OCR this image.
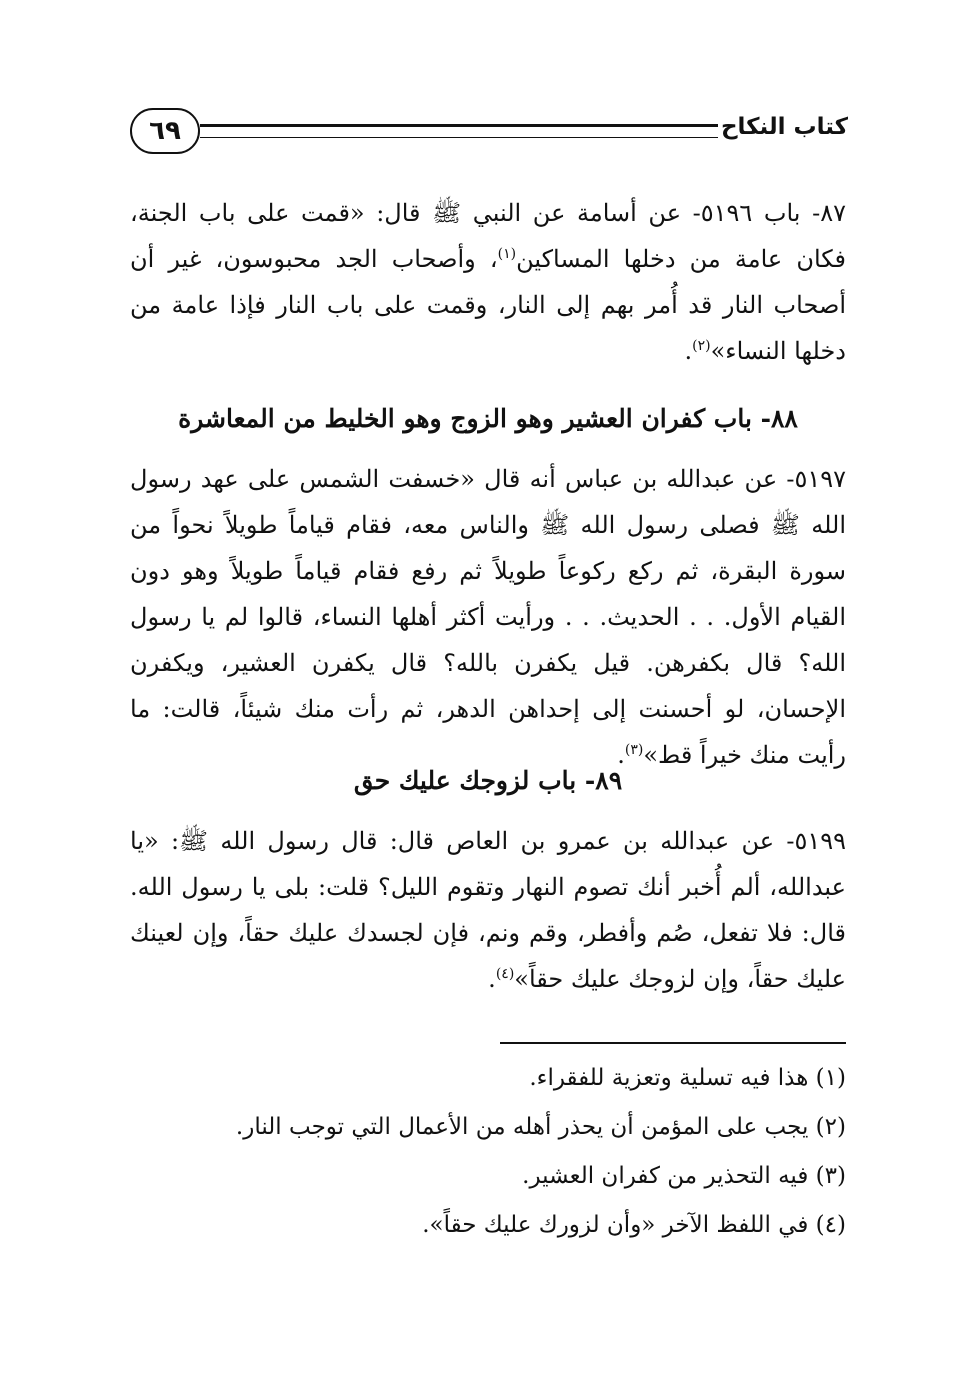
٦٩	كتاب النكاح

٨٧- باب ٥١٩٦- عن أسامة عن النبي ﷺ قال: «قمت على باب الجنة، فكان عامة من دخلها المساكين$^{(١)}$، وأصحاب الجد محبوسون، غير أن أصحاب النار قد أُمر بهم إلى النار، وقمت على باب النار فإذا عامة من دخلها النساء»$^{(٢)}$.

٨٨- باب كفران العشير وهو الزوج وهو الخليط من المعاشرة

٥١٩٧- عن عبدالله بن عباس أنه قال «خسفت الشمس على عهد رسول الله ﷺ فصلى رسول الله ﷺ والناس معه، فقام قياماً طويلاً نحواً من سورة البقرة، ثم ركع ركوعاً طويلاً ثم رفع فقام قياماً طويلاً وهو دون القيام الأول. . . الحديث. . . ورأيت أكثر أهلها النساء، قالوا لم يا رسول الله؟ قال بكفرهن. قيل يكفرن بالله؟ قال يكفرن العشير، ويكفرن الإحسان، لو أحسنت إلى إحداهن الدهر، ثم رأت منك شيئاً، قالت: ما رأيت منك خيراً قط»$^{(٣)}$.

٨٩- باب لزوجك عليك حق

٥١٩٩- عن عبدالله بن عمرو بن العاص قال: قال رسول الله ﷺ: «يا عبدالله، ألم أُخبر أنك تصوم النهار وتقوم الليل؟ قلت: بلى يا رسول الله. قال: فلا تفعل، صُم وأفطر، وقم ونم، فإن لجسدك عليك حقاً، وإن لعينك عليك حقاً، وإن لزوجك عليك حقاً»$^{(٤)}$.

(١) هذا فيه تسلية وتعزية للفقراء.

(٢) يجب على المؤمن أن يحذر أهله من الأعمال التي توجب النار.

(٣) فيه التحذير من كفران العشير.

(٤) في اللفظ الآخر «وأن لزورك عليك حقاً».
